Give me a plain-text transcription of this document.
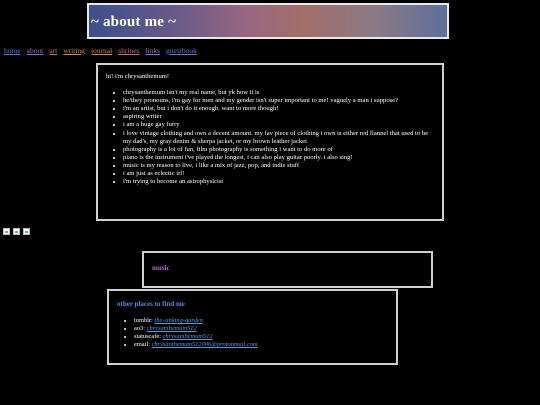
~ about me ~
home about art writing journal shrines links guestbook

hi! i'm chrysanthemum!

• chrysanthemum isn't my real name, but yk how it is
• he/they pronouns, i'm gay for men and my gender isn't super important to me! vaguely a man i suppose?
• i'm an artist, but i don't do it enough. want to more though!
• aspiring writer
• i am a huge gay furry
• i love vintage clothing and own a decent amount. my fav piece of clothing i own is either red flannel that used to be my dad's, my gray denim & sherpa jacket, or my brown leather jacket
• photography is a lot of fun, film photography is something i want to do more of
• piano is the instrument i've played the longest, i can also play guitar poorly. i also sing!
• music is my reason to live, i like a mix of jazz, pop, and indie stuff
• i am just as eclectic irl!
• i'm trying to become an astrophysicist
music
other places to find me
• tumblr: the-sinking-garden
• ao3: chrysanthemum512
• statuscafe: chrysanthemum512
• email: chrysanthemum512006@protonmail.com
